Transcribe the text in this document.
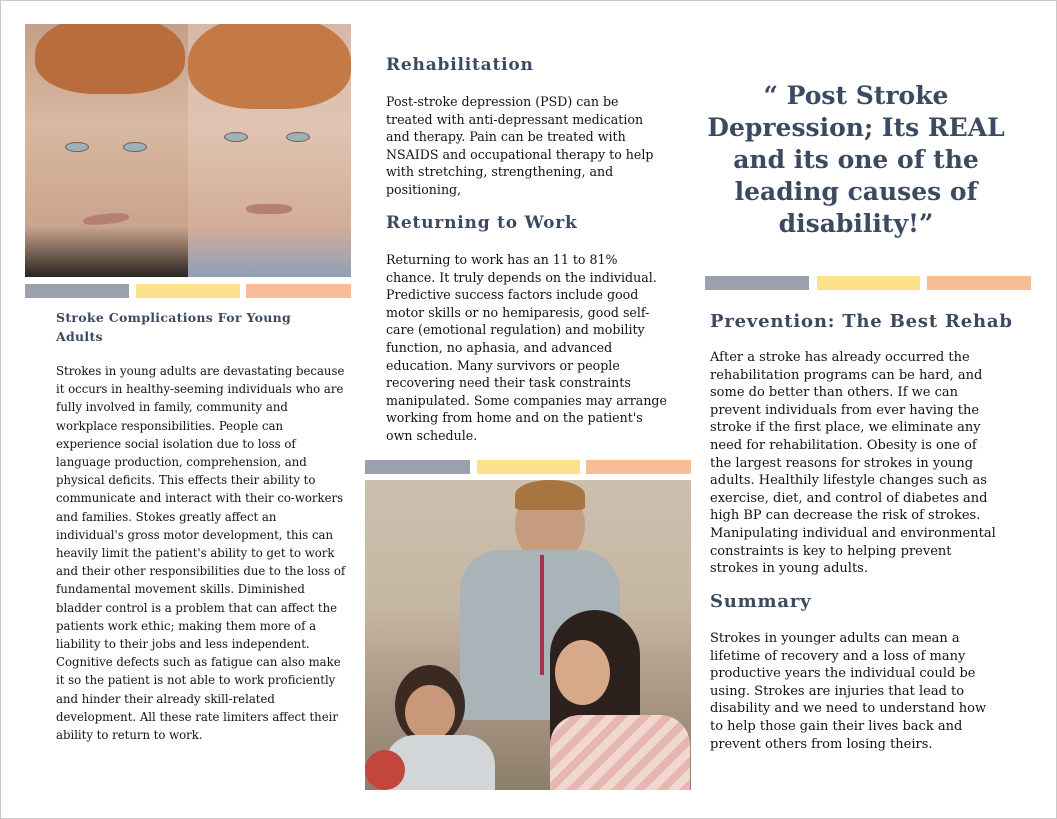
Stroke Complications For Young Adults
Strokes in young adults are devastating because it occurs in healthy-seeming individuals who are fully involved in family, community and workplace responsibilities. People can experience social isolation due to loss of language production, comprehension, and physical deficits. This effects their ability to communicate and interact with their co-workers and families. Stokes greatly affect an individual's gross motor development, this can heavily limit the patient's ability to get to work and their other responsibilities due to the loss of fundamental movement skills. Diminished bladder control is a problem that can affect the patients work ethic; making them more of a liability to their jobs and less independent. Cognitive defects such as fatigue can also make it so the patient is not able to work proficiently and hinder their already skill-related development. All these rate limiters affect their ability to return to work.
Rehabilitation
Post-stroke depression (PSD) can be treated with anti-depressant medication and therapy. Pain can be treated with NSAIDS and occupational therapy to help with stretching, strengthening, and positioning,
Returning to Work
Returning to work has an 11 to 81% chance. It truly depends on the individual. Predictive success factors include good motor skills or no hemiparesis, good self-care (emotional regulation) and mobility function, no aphasia, and advanced education. Many survivors or people recovering need their task constraints manipulated. Some companies may arrange working from home and on the patient's own schedule.
“ Post Stroke Depression; Its REAL and its one of the leading causes of disability!”
Prevention: The Best Rehab
After a stroke has already occurred the rehabilitation programs can be hard, and some do better than others. If we can prevent individuals from ever having the stroke if the first place, we eliminate any need for rehabilitation. Obesity is one of the largest reasons for strokes in young adults. Healthily lifestyle changes such as exercise, diet, and control of diabetes and high BP can decrease the risk of strokes. Manipulating individual and environmental constraints is key to helping prevent strokes in young adults.
Summary
Strokes in younger adults can mean a lifetime of recovery and a loss of many productive years the individual could be using. Strokes are injuries that lead to disability and we need to understand how to help those gain their lives back and prevent others from losing theirs.
